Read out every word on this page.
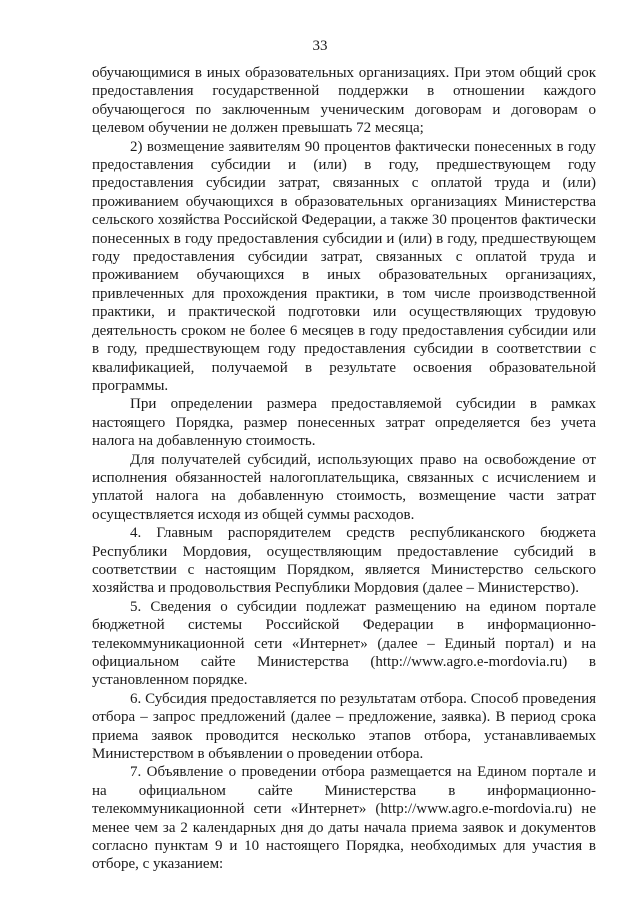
33

обучающимися в иных образовательных организациях. При этом общий срок предоставления государственной поддержки в отношении каждого обучающегося по заключенным ученическим договорам и договорам о целевом обучении не должен превышать 72 месяца;

2) возмещение заявителям 90 процентов фактически понесенных в году предоставления субсидии и (или) в году, предшествующем году предоставления субсидии затрат, связанных с оплатой труда и (или) проживанием обучающихся в образовательных организациях Министерства сельского хозяйства Российской Федерации, а также 30 процентов фактически понесенных в году предоставления субсидии и (или) в году, предшествующем году предоставления субсидии затрат, связанных с оплатой труда и проживанием обучающихся в иных образовательных организациях, привлеченных для прохождения практики, в том числе производственной практики, и практической подготовки или осуществляющих трудовую деятельность сроком не более 6 месяцев в году предоставления субсидии или в году, предшествующем году предоставления субсидии в соответствии с квалификацией, получаемой в результате освоения образовательной программы.

При определении размера предоставляемой субсидии в рамках настоящего Порядка, размер понесенных затрат определяется без учета налога на добавленную стоимость.

Для получателей субсидий, использующих право на освобождение от исполнения обязанностей налогоплательщика, связанных с исчислением и уплатой налога на добавленную стоимость, возмещение части затрат осуществляется исходя из общей суммы расходов.

4. Главным распорядителем средств республиканского бюджета Республики Мордовия, осуществляющим предоставление субсидий в соответствии с настоящим Порядком, является Министерство сельского хозяйства и продовольствия Республики Мордовия (далее – Министерство).

5. Сведения о субсидии подлежат размещению на едином портале бюджетной системы Российской Федерации в информационно-телекоммуникационной сети «Интернет» (далее – Единый портал) и на официальном сайте Министерства (http://www.agro.e-mordovia.ru) в установленном порядке.

6. Субсидия предоставляется по результатам отбора. Способ проведения отбора – запрос предложений (далее – предложение, заявка). В период срока приема заявок проводится несколько этапов отбора, устанавливаемых Министерством в объявлении о проведении отбора.

7. Объявление о проведении отбора размещается на Едином портале и на официальном сайте Министерства в информационно-телекоммуникационной сети «Интернет» (http://www.agro.e-mordovia.ru) не менее чем за 2 календарных дня до даты начала приема заявок и документов согласно пунктам 9 и 10 настоящего Порядка, необходимых для участия в отборе, с указанием:
